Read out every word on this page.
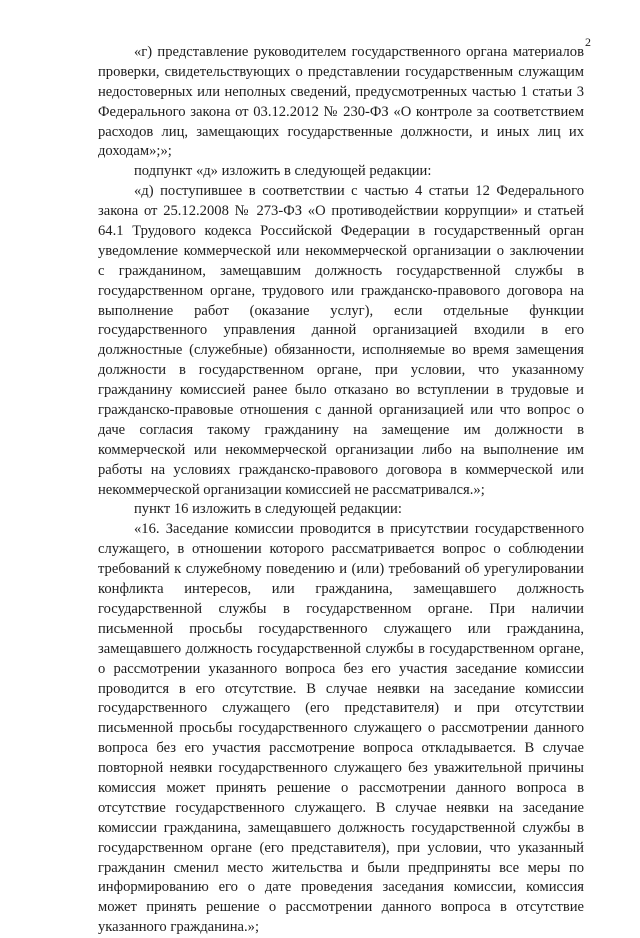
2
«г) представление руководителем государственного органа материалов
проверки, свидетельствующих о представлении государственным служащим
недостоверных или неполных сведений, предусмотренных частью 1 статьи 3
Федерального закона от 03.12.2012 № 230-ФЗ «О контроле за соответствием
расходов лиц, замещающих государственные должности, и иных лиц их
доходам»;»;
подпункт «д» изложить в следующей редакции:
«д) поступившее в соответствии с частью 4 статьи 12 Федерального
закона от 25.12.2008 № 273-ФЗ «О противодействии коррупции» и статьей
64.1 Трудового кодекса Российской Федерации в государственный орган
уведомление коммерческой или некоммерческой организации о заключении
с гражданином, замещавшим должность государственной службы в
государственном органе, трудового или гражданско-правового договора на
выполнение работ (оказание услуг), если отдельные функции
государственного управления данной организацией входили в его
должностные (служебные) обязанности, исполняемые во время замещения
должности в государственном органе, при условии, что указанному
гражданину комиссией ранее было отказано во вступлении в трудовые и
гражданско-правовые отношения с данной организацией или что вопрос о
даче согласия такому гражданину на замещение им должности в
коммерческой или некоммерческой организации либо на выполнение им
работы на условиях гражданско-правового договора в коммерческой или
некоммерческой организации комиссией не рассматривался.»;
пункт 16 изложить в следующей редакции:
«16. Заседание комиссии проводится в присутствии государственного
служащего, в отношении которого рассматривается вопрос о соблюдении
требований к служебному поведению и (или) требований об урегулировании
конфликта интересов, или гражданина, замещавшего должность
государственной службы в государственном органе. При наличии
письменной просьбы государственного служащего или гражданина,
замещавшего должность государственной службы в государственном органе,
о рассмотрении указанного вопроса без его участия заседание комиссии
проводится в его отсутствие. В случае неявки на заседание комиссии
государственного служащего (его представителя) и при отсутствии
письменной просьбы государственного служащего о рассмотрении данного
вопроса без его участия рассмотрение вопроса откладывается. В случае
повторной неявки государственного служащего без уважительной причины
комиссия может принять решение о рассмотрении данного вопроса в
отсутствие государственного служащего. В случае неявки на заседание
комиссии гражданина, замещавшего должность государственной службы в
государственном органе (его представителя), при условии, что указанный
гражданин сменил место жительства и были предприняты все меры по
информированию его о дате проведения заседания комиссии, комиссия
может принять решение о рассмотрении данного вопроса в отсутствие
указанного гражданина.»;
